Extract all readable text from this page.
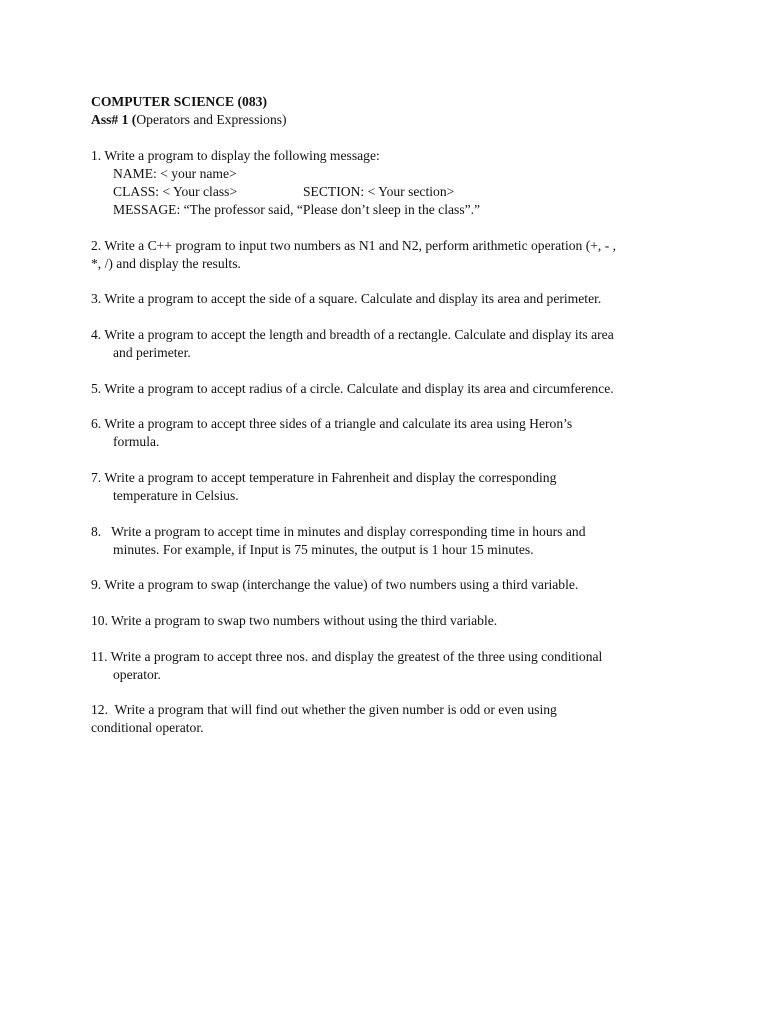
COMPUTER SCIENCE (083)
Ass# 1 (Operators and Expressions)
1. Write a program to display the following message:
NAME: < your name>
CLASS: < Your class>	SECTION: < Your section>
MESSAGE: “The professor said, “Please don’t sleep in the class”.”
2. Write a C++ program to input two numbers as N1 and N2, perform arithmetic operation (+, - ,
*, /) and display the results.
3. Write a program to accept the side of a square. Calculate and display its area and perimeter.
4. Write a program to accept the length and breadth of a rectangle. Calculate and display its area
and perimeter.
5. Write a program to accept radius of a circle. Calculate and display its area and circumference.
6. Write a program to accept three sides of a triangle and calculate its area using Heron’s
formula.
7. Write a program to accept temperature in Fahrenheit and display the corresponding
temperature in Celsius.
8.   Write a program to accept time in minutes and display corresponding time in hours and
minutes. For example, if Input is 75 minutes, the output is 1 hour 15 minutes.
9. Write a program to swap (interchange the value) of two numbers using a third variable.
10. Write a program to swap two numbers without using the third variable.
11. Write a program to accept three nos. and display the greatest of the three using conditional
operator.
12.  Write a program that will find out whether the given number is odd or even using
conditional operator.
